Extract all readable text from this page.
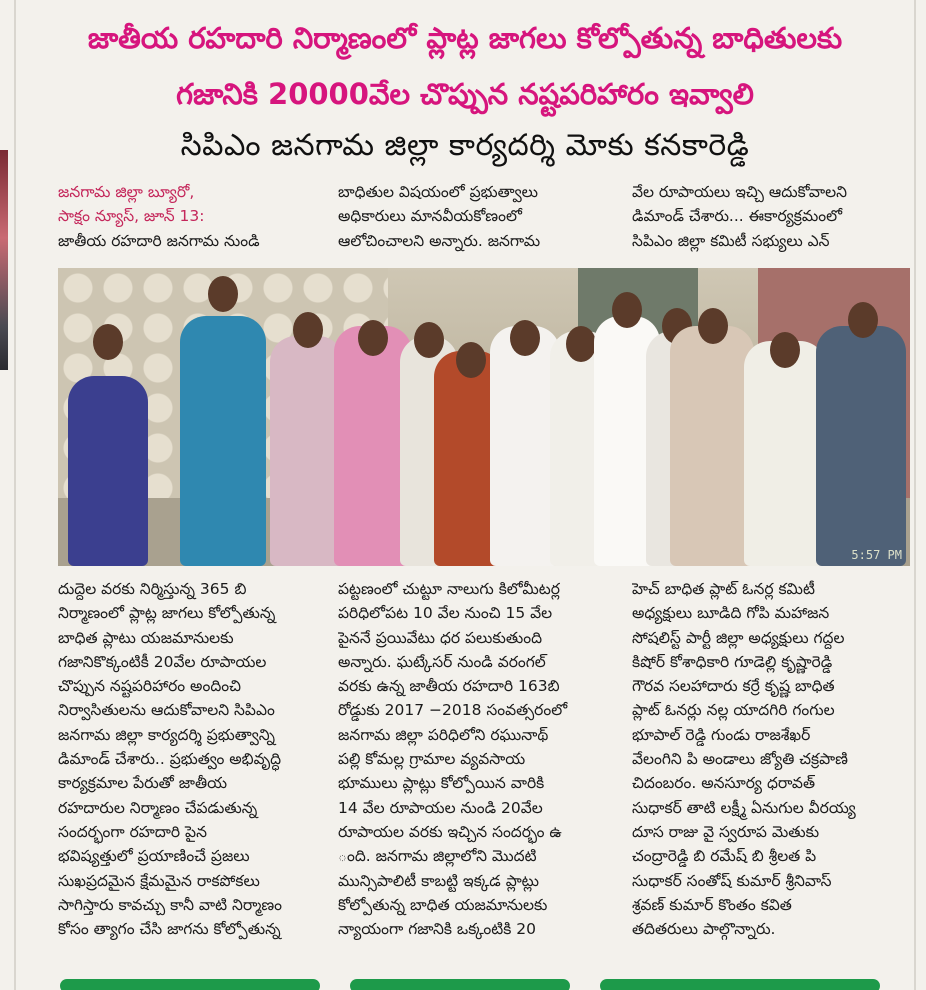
జాతీయ రహదారి నిర్మాణంలో ప్లాట్ల జాగలు కోల్పోతున్న బాధితులకు
గజానికి 20000వేల చొప్పున నష్టపరిహారం ఇవ్వాలి
సిపిఎం జనగామ జిల్లా కార్యదర్శి మోకు కనకారెడ్డి

జనగామ జిల్లా బ్యూరో,

సాక్షం న్యూస్, జూన్ 13:

జాతీయ రహదారి జనగామ నుండి

బాధితుల విషయంలో ప్రభుత్వాలు

అధికారులు మానవీయకోణంలో

ఆలోచించాలని అన్నారు. జనగామ

వేల రూపాయలు ఇచ్చి ఆదుకోవాలని

డిమాండ్ చేశారు... ఈకార్యక్రమంలో

సిపిఎం జిల్లా కమిటీ సభ్యులు ఎన్

5:57 PM

దుద్దెల వరకు నిర్మిస్తున్న 365 బి

నిర్మాణంలో ప్లాట్ల జాగలు కోల్పోతున్న

బాధిత ప్లాటు యజమానులకు

గజానికొక్కంటికీ 20వేల రూపాయల

చొప్పున నష్టపరిహారం అందించి

నిర్వాసితులను ఆదుకోవాలని సిపిఎం

జనగామ జిల్లా కార్యదర్శి ప్రభుత్వాన్ని

డిమాండ్ చేశారు.. ప్రభుత్వం అభివృద్ధి

కార్యక్రమాల పేరుతో జాతీయ

రహదారుల నిర్మాణం చేపడుతున్న

సందర్భంగా రహదారి పైన

భవిష్యత్తులో ప్రయాణించే ప్రజలు

సుఖప్రదమైన క్షేమమైన రాకపోకలు

సాగిస్తారు కావచ్చు కానీ వాటి నిర్మాణం

కోసం త్యాగం చేసి జాగను కోల్పోతున్న

పట్టణంలో చుట్టూ నాలుగు కిలోమీటర్ల

పరిధిలోపట 10 వేల నుంచి 15 వేల

పైననే ప్రయివేటు ధర పలుకుతుంది

అన్నారు. ఘట్కేసర్ నుండి వరంగల్

వరకు ఉన్న జాతీయ రహదారి 163బి

రోడ్డుకు 2017 −2018 సంవత్సరంలో

జనగామ జిల్లా పరిధిలోని రఘునాథ్

పల్లి కోమల్ల గ్రామాల వ్యవసాయ

భూములు ప్లాట్లు కోల్పోయిన వారికి

14 వేల రూపాయల నుండి 20వేల

రూపాయల వరకు ఇచ్చిన సందర్భం ఉ

ంది. జనగామ జిల్లాలోని మొదటి

మున్సిపాలిటీ కాబట్టి ఇక్కడ ప్లాట్లు

కోల్పోతున్న బాధిత యజమానులకు

న్యాయంగా గజానికి ఒక్కంటికి 20

హెచ్ బాధిత ప్లాట్ ఓనర్ల కమిటీ

అధ్యక్షులు బూడిది గోపి మహాజన

సోషలిస్ట్ పార్టీ జిల్లా అధ్యక్షులు గద్దల

కిషోర్ కోశాధికారి గూడెల్లి కృష్ణారెడ్డి

గౌరవ సలహాదారు కర్రే కృష్ణ బాధిత

ప్లాట్ ఓనర్లు నల్ల యాదగిరి గంగుల

భూపాల్ రెడ్డి గుండు రాజశేఖర్

వేలంగిని పి అండాలు జ్యోతి చక్రపాణి

చిదంబరం. అనసూర్య ధరావత్

సుధాకర్ తాటి లక్ష్మీ ఏనుగుల వీరయ్య

దూస రాజు వై స్వరూప మెతుకు

చంద్రారెడ్డి బి రమేష్ బి శ్రీలత పి

సుధాకర్ సంతోష్ కుమార్ శ్రీనివాస్

శ్రవణ్ కుమార్ కొంతం కవిత

తదితరులు పాల్గొన్నారు.
